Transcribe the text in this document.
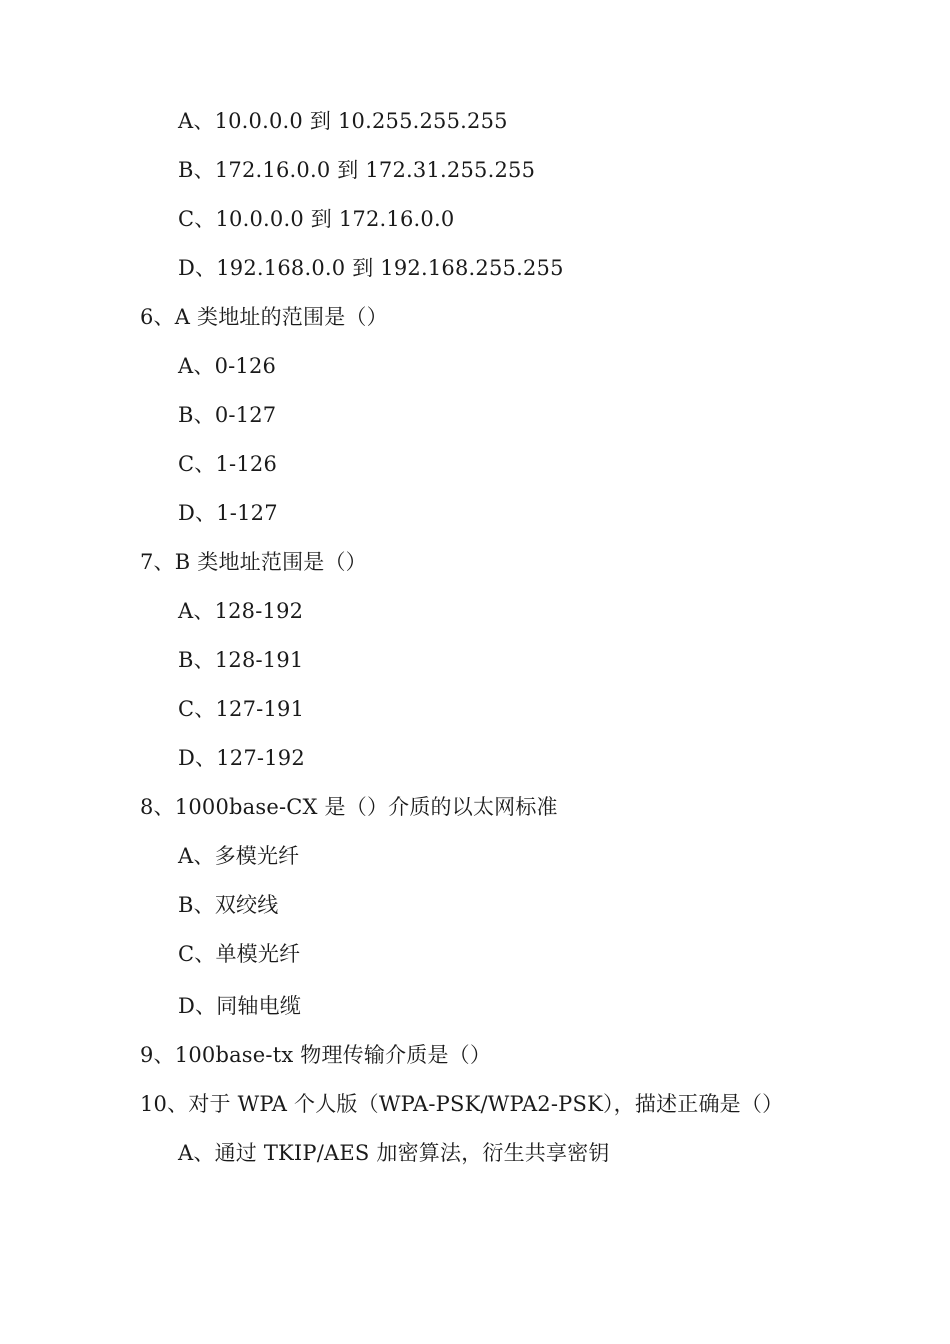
A、10.0.0.0 到 10.255.255.255
B、172.16.0.0 到 172.31.255.255
C、10.0.0.0 到 172.16.0.0
D、192.168.0.0 到 192.168.255.255
6、A 类地址的范围是（）
A、0-126
B、0-127
C、1-126
D、1-127
7、B 类地址范围是（）
A、128-192
B、128-191
C、127-191
D、127-192
8、1000base-CX 是（）介质的以太网标准
A、多模光纤
B、双绞线
C、单模光纤
D、同轴电缆
9、100base-tx 物理传输介质是（）
10、对于 WPA 个人版（WPA-PSK/WPA2-PSK），描述正确是（）
A、通过 TKIP/AES 加密算法，衍生共享密钥
